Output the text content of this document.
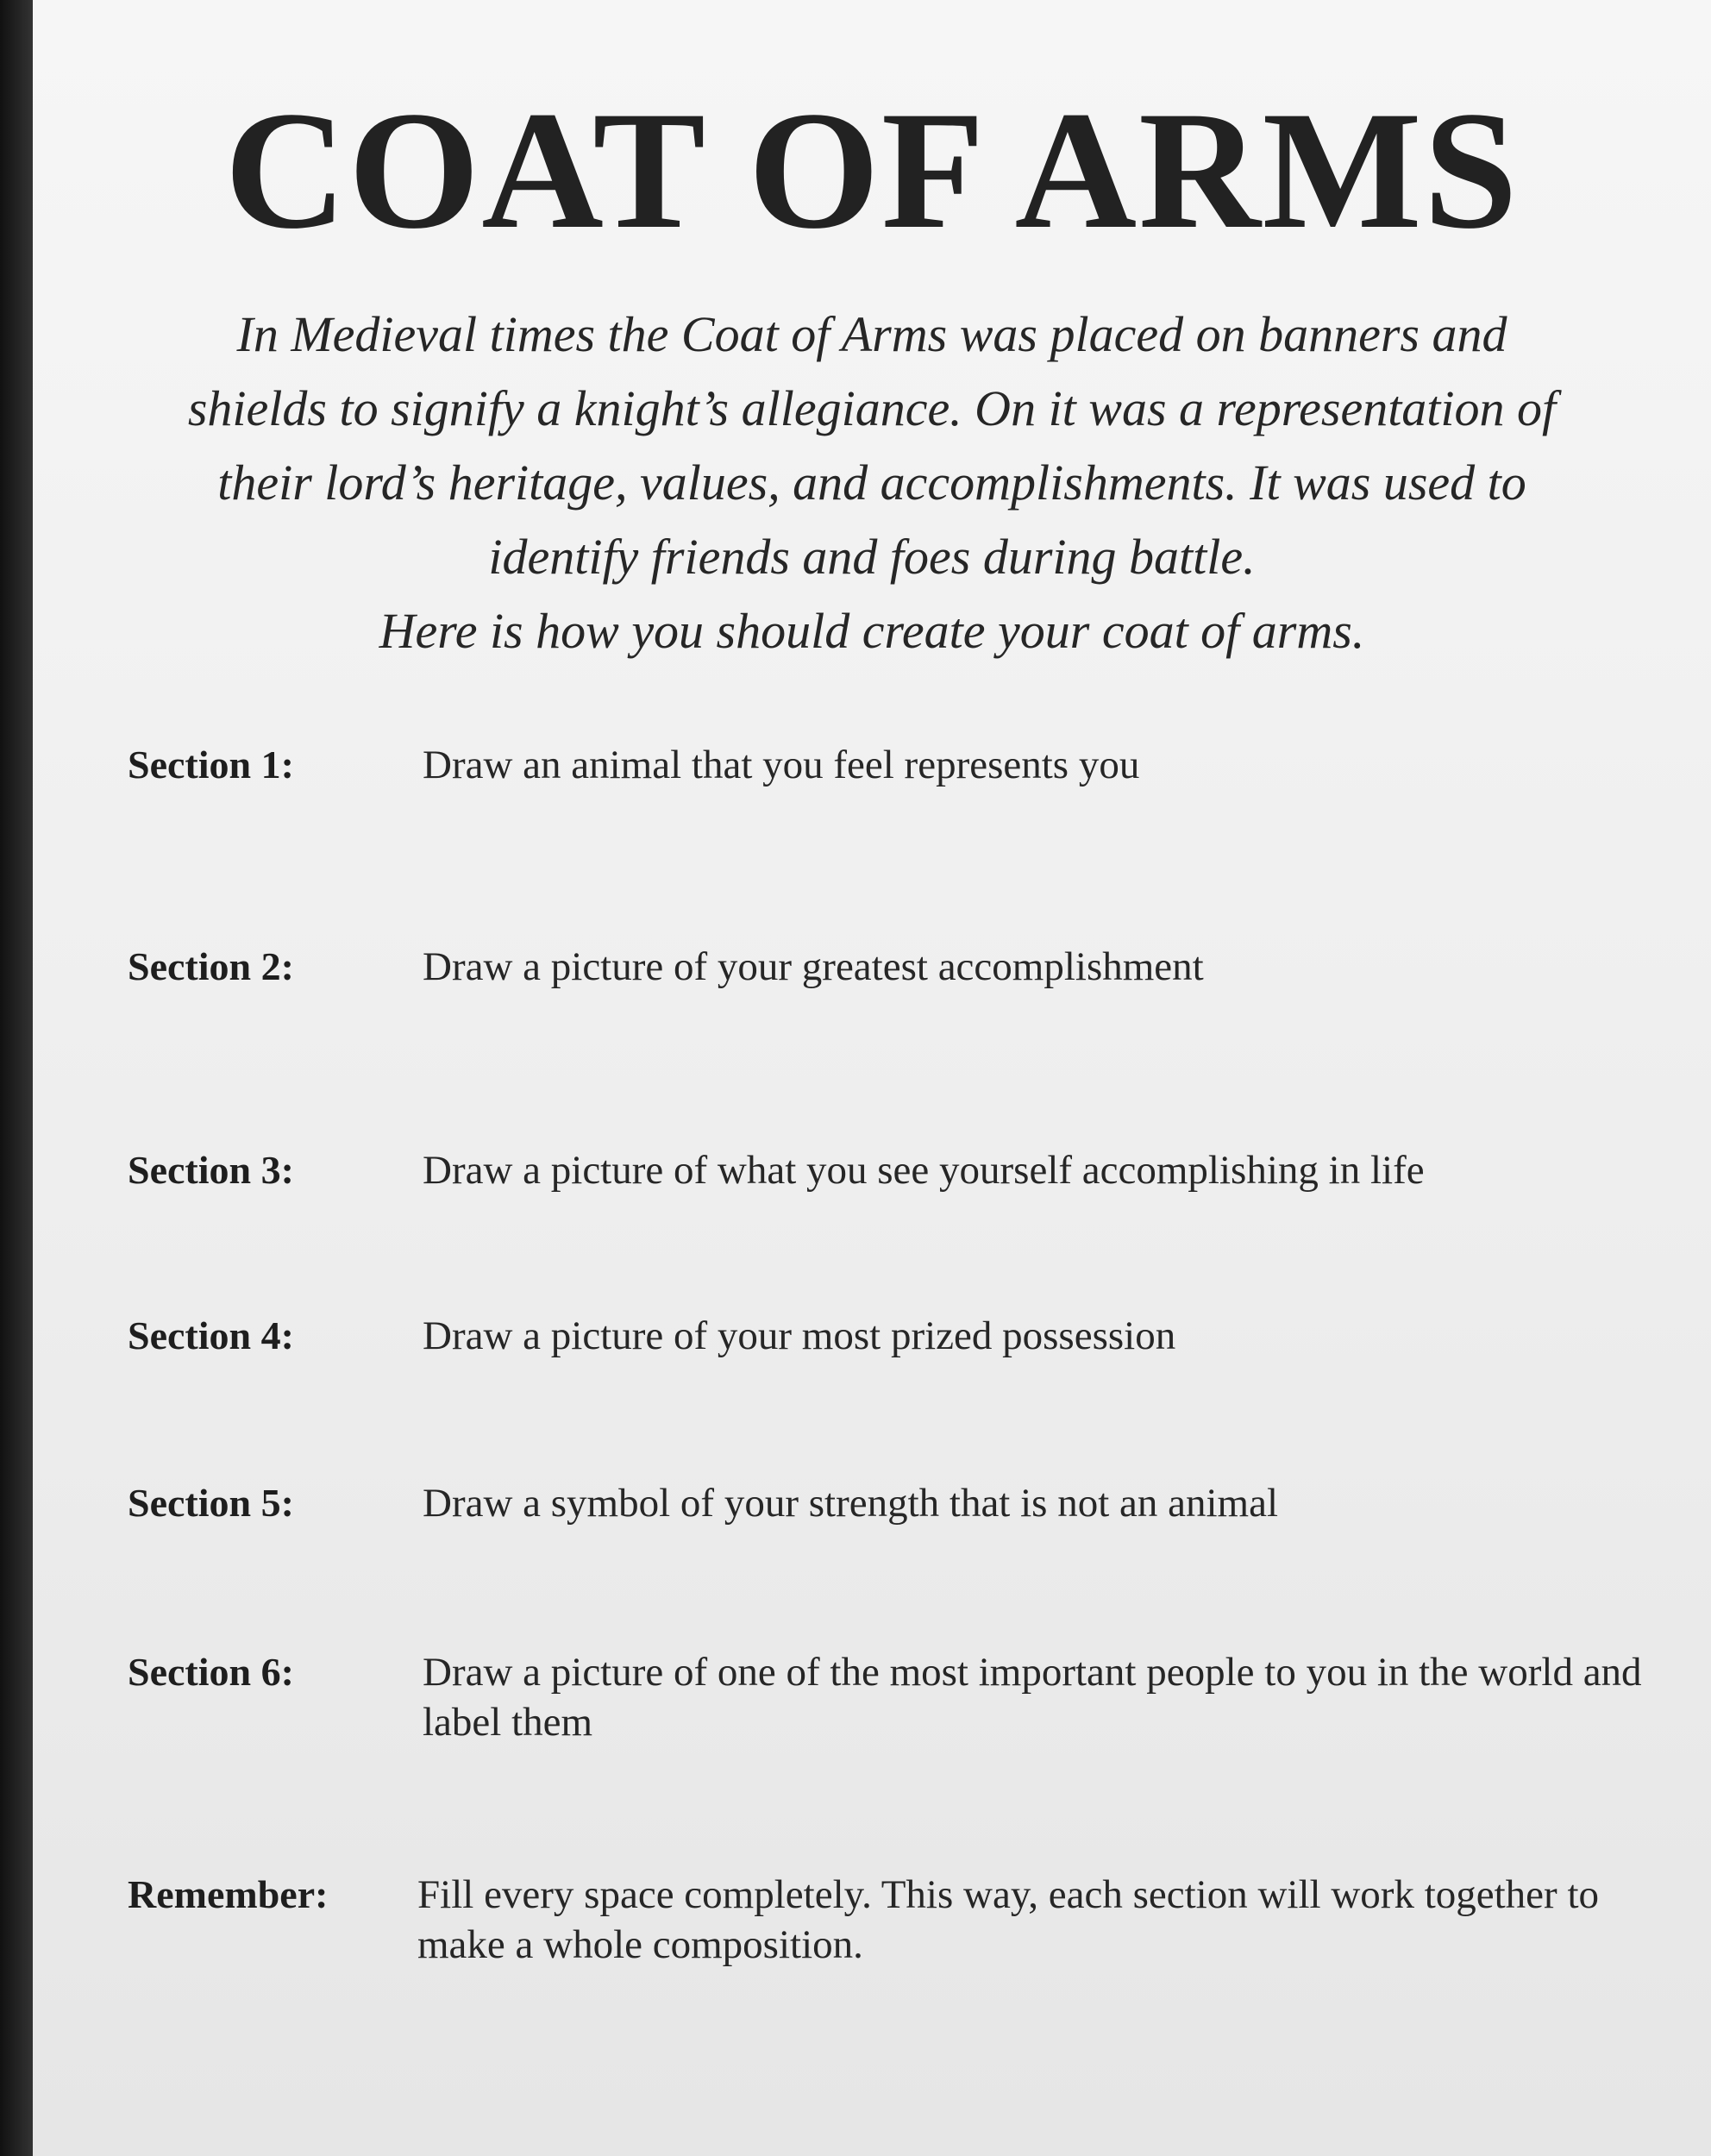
COAT OF ARMS

In Medieval times the Coat of Arms was placed on banners and
shields to signify a knight’s allegiance. On it was a representation of
their lord’s heritage, values, and accomplishments. It was used to
identify friends and foes during battle.
Here is how you should create your coat of arms.

Section 1:	Draw an animal that you feel represents you
Section 2:	Draw a picture of your greatest accomplishment
Section 3:	Draw a picture of what you see yourself accomplishing in life
Section 4:	Draw a picture of your most prized possession
Section 5:	Draw a symbol of your strength that is not an animal
Section 6:	Draw a picture of one of the most important people to you in the world and label them
Remember: Fill every space completely. This way, each section will work together to make a whole composition.
